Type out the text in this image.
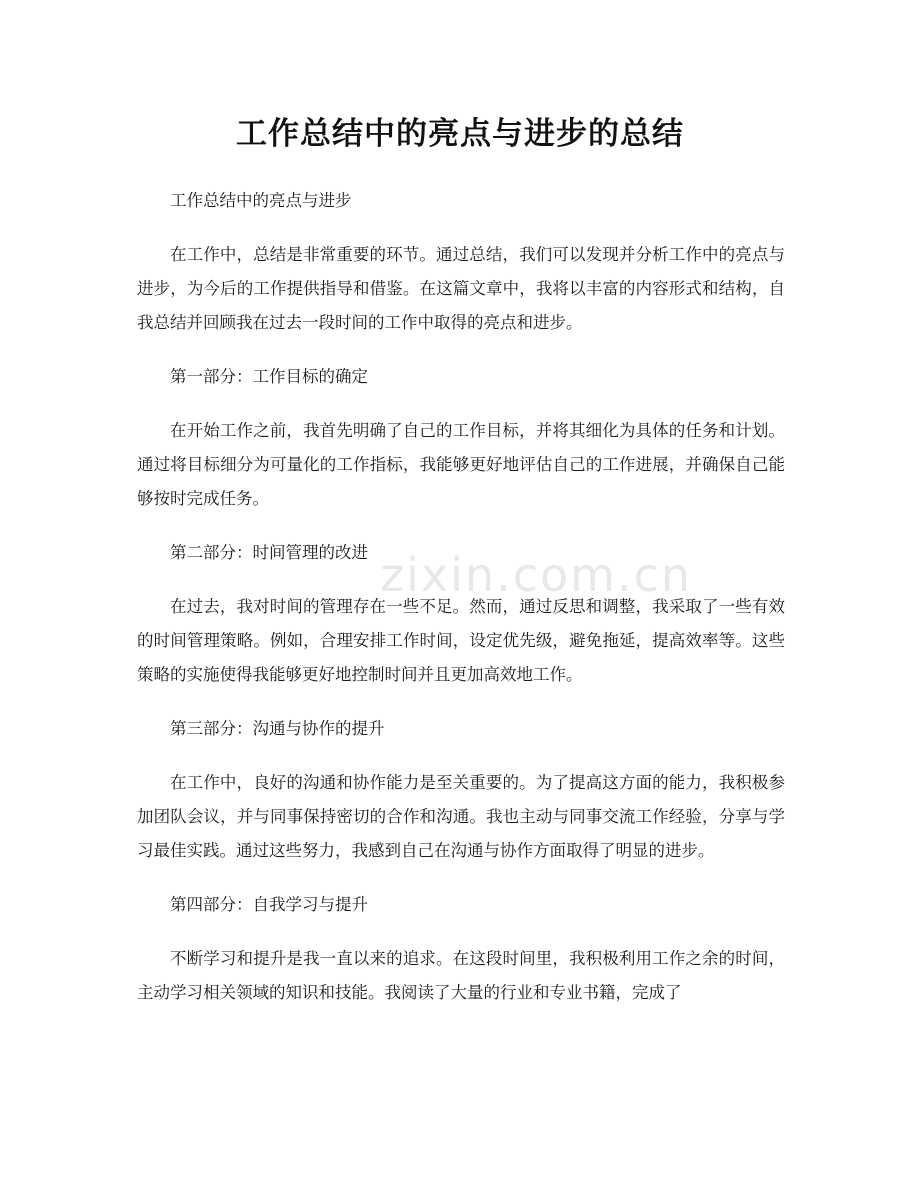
zixin.com.cn
工作总结中的亮点与进步的总结

工作总结中的亮点与进步

在工作中，总结是非常重要的环节。通过总结，我们可以发现并分析工作中的亮点与进步，为今后的工作提供指导和借鉴。在这篇文章中，我将以丰富的内容形式和结构，自我总结并回顾我在过去一段时间的工作中取得的亮点和进步。

第一部分：工作目标的确定

在开始工作之前，我首先明确了自己的工作目标，并将其细化为具体的任务和计划。通过将目标细分为可量化的工作指标，我能够更好地评估自己的工作进展，并确保自己能够按时完成任务。

第二部分：时间管理的改进

在过去，我对时间的管理存在一些不足。然而，通过反思和调整，我采取了一些有效的时间管理策略。例如，合理安排工作时间，设定优先级，避免拖延，提高效率等。这些策略的实施使得我能够更好地控制时间并且更加高效地工作。

第三部分：沟通与协作的提升

在工作中，良好的沟通和协作能力是至关重要的。为了提高这方面的能力，我积极参加团队会议，并与同事保持密切的合作和沟通。我也主动与同事交流工作经验，分享与学习最佳实践。通过这些努力，我感到自己在沟通与协作方面取得了明显的进步。

第四部分：自我学习与提升

不断学习和提升是我一直以来的追求。在这段时间里，我积极利用工作之余的时间，主动学习相关领域的知识和技能。我阅读了大量的行业和专业书籍，完成了
